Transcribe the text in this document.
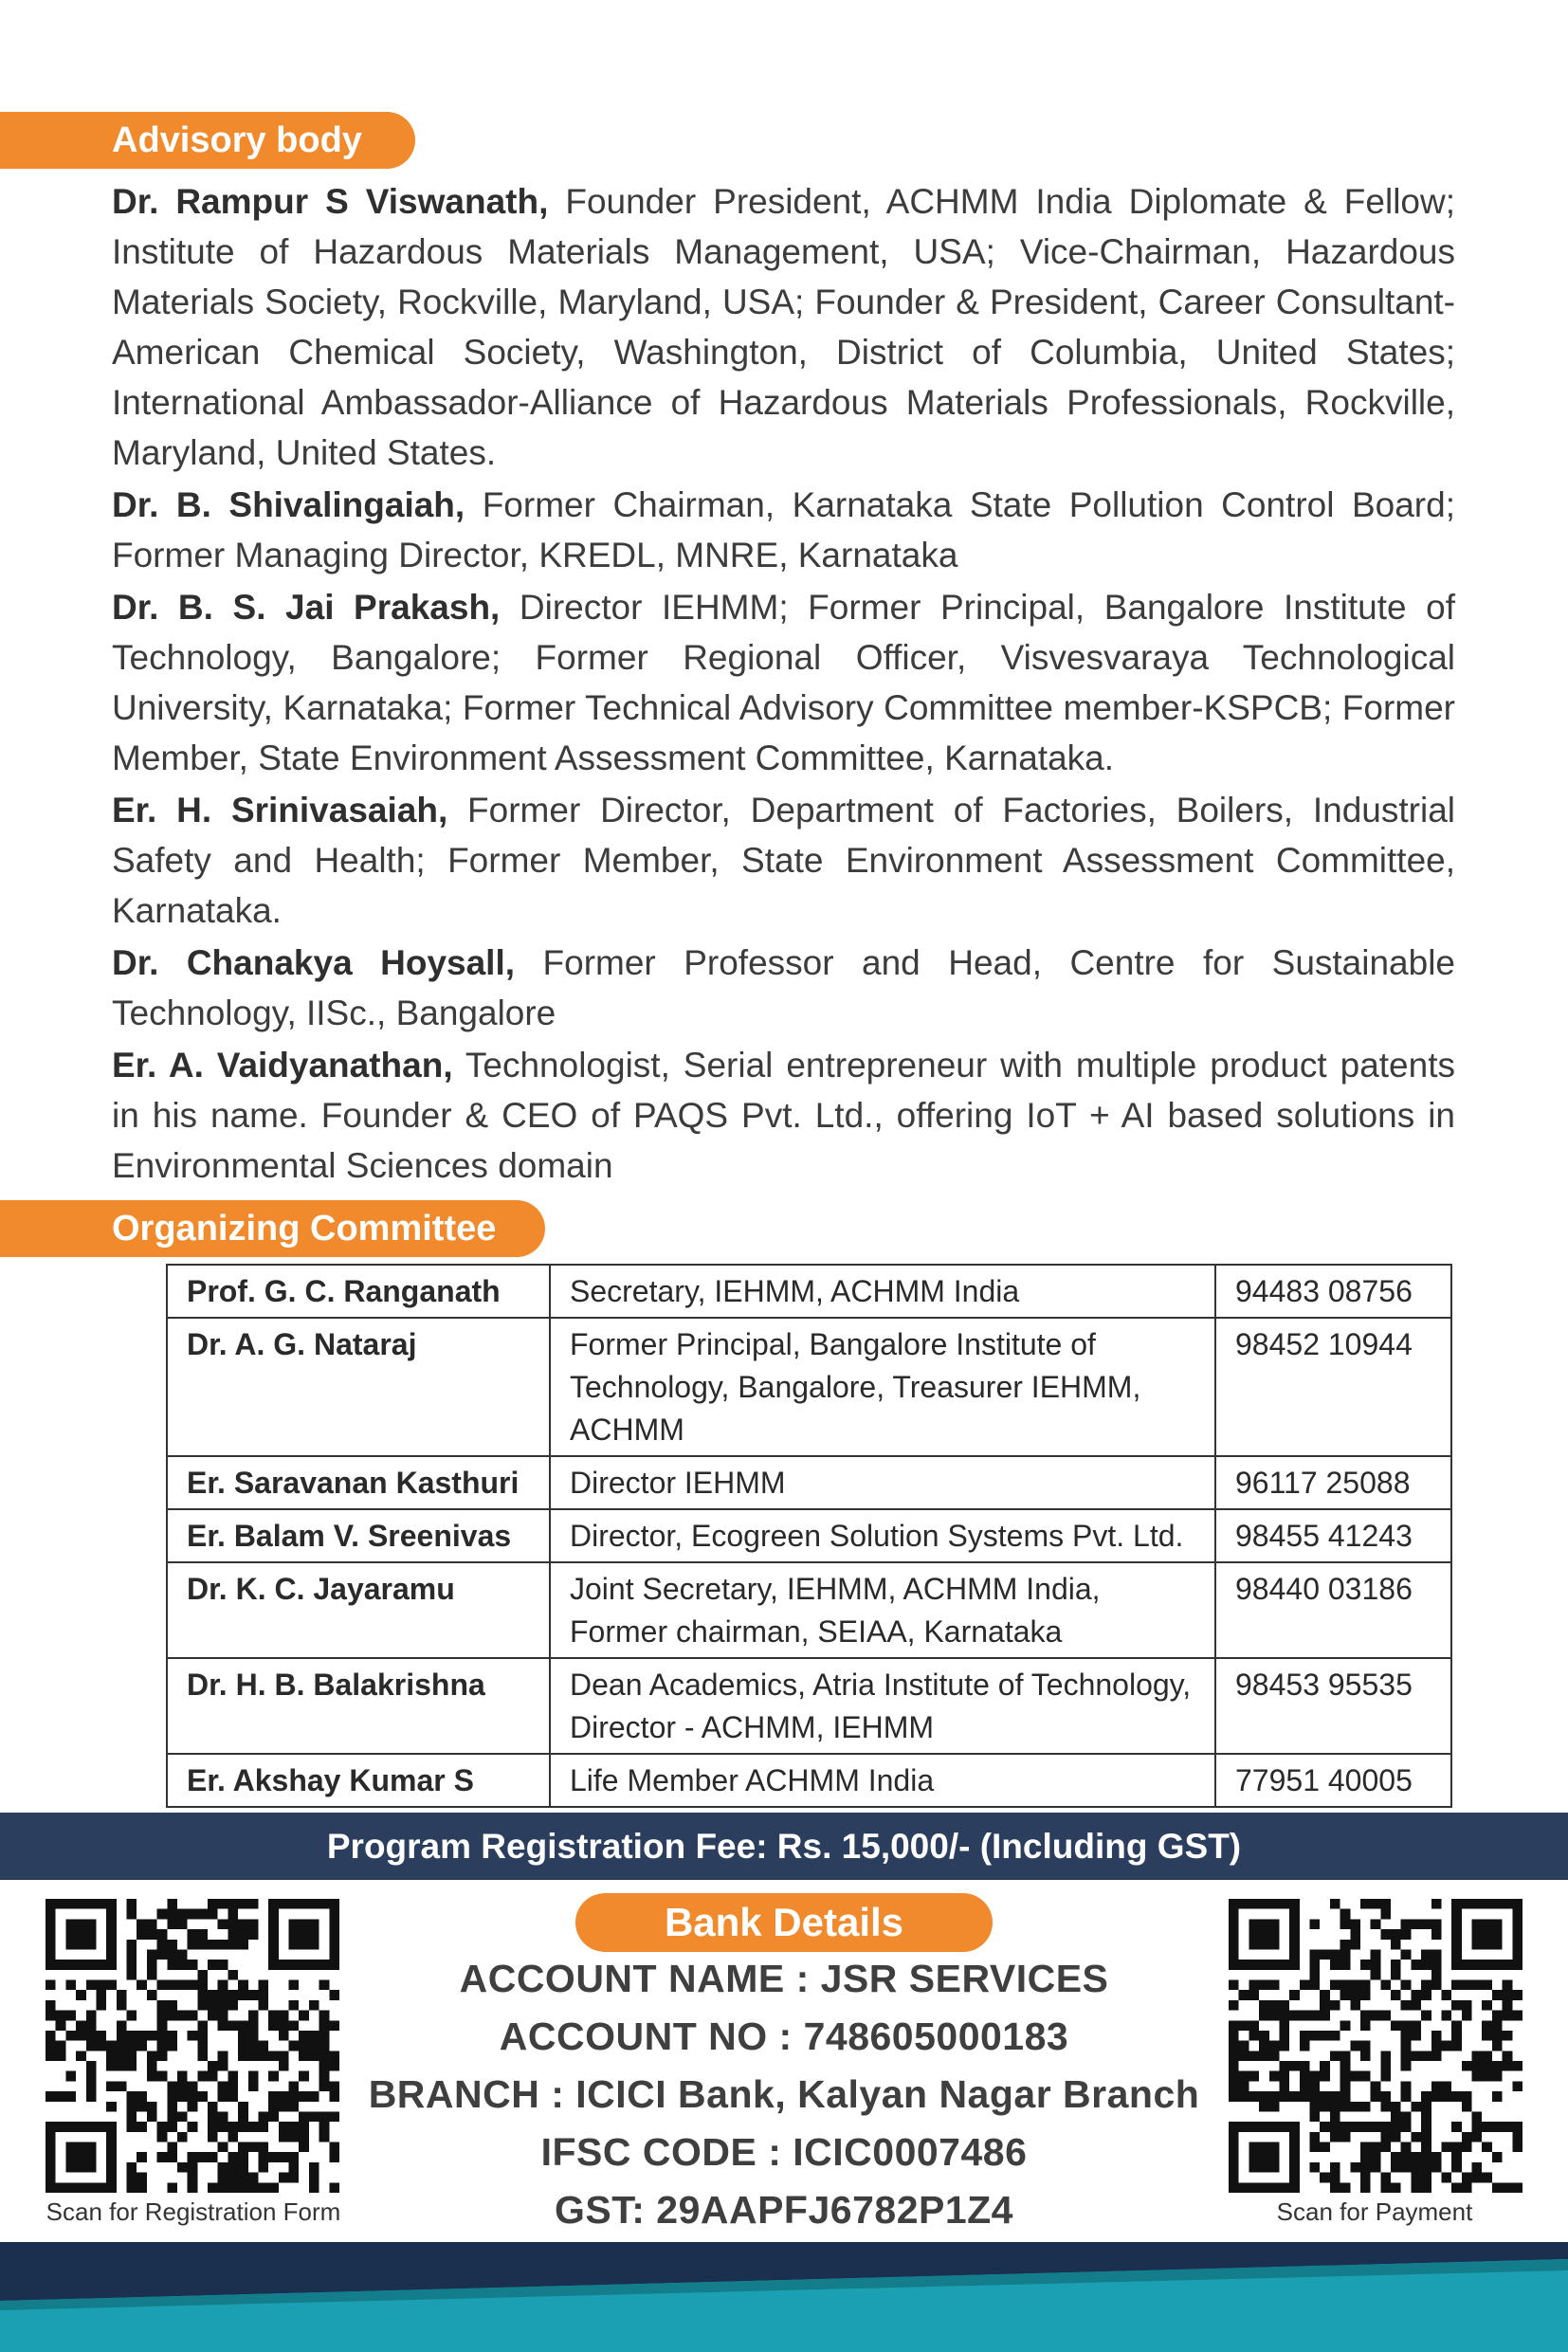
Advisory body

Dr. Rampur S Viswanath, Founder President, ACHMM India Diplomate & Fellow; Institute of Hazardous Materials Management, USA; Vice-Chairman, Hazardous Materials Society, Rockville, Maryland, USA; Founder & President, Career Consultant-American Chemical Society, Washington, District of Columbia, United States; International Ambassador-Alliance of Hazardous Materials Professionals, Rockville, Maryland, United States.

Dr. B. Shivalingaiah, Former Chairman, Karnataka State Pollution Control Board; Former Managing Director, KREDL, MNRE, Karnataka

Dr. B. S. Jai Prakash, Director IEHMM; Former Principal, Bangalore Institute of Technology, Bangalore; Former Regional Officer, Visvesvaraya Technological University, Karnataka; Former Technical Advisory Committee member-KSPCB; Former Member, State Environment Assessment Committee, Karnataka.

Er. H. Srinivasaiah, Former Director, Department of Factories, Boilers, Industrial Safety and Health; Former Member, State Environment Assessment Committee, Karnataka.

Dr. Chanakya Hoysall, Former Professor and Head, Centre for Sustainable Technology, IISc., Bangalore

Er. A. Vaidyanathan, Technologist, Serial entrepreneur with multiple product patents in his name. Founder & CEO of PAQS Pvt. Ltd., offering IoT + AI based solutions in Environmental Sciences domain

Organizing Committee
Prof. G. C. Ranganath	Secretary, IEHMM, ACHMM India	94483 08756
Dr. A. G. Nataraj	Former Principal, Bangalore Institute of Technology, Bangalore, Treasurer IEHMM, ACHMM	98452 10944
Er. Saravanan Kasthuri	Director IEHMM	96117 25088
Er. Balam V. Sreenivas	Director, Ecogreen Solution Systems Pvt. Ltd.	98455 41243
Dr. K. C. Jayaramu	Joint Secretary, IEHMM, ACHMM India, Former chairman, SEIAA, Karnataka	98440 03186
Dr. H. B. Balakrishna	Dean Academics, Atria Institute of Technology, Director - ACHMM, IEHMM	98453 95535
Er. Akshay Kumar S	Life Member ACHMM India	77951 40005
Program Registration Fee: Rs. 15,000/- (Including GST)
Scan for Registration Form
Bank Details
ACCOUNT NAME : JSR SERVICES
ACCOUNT NO : 748605000183
BRANCH : ICICI Bank, Kalyan Nagar Branch
IFSC CODE : ICIC0007486
GST: 29AAPFJ6782P1Z4	Scan for Payment
